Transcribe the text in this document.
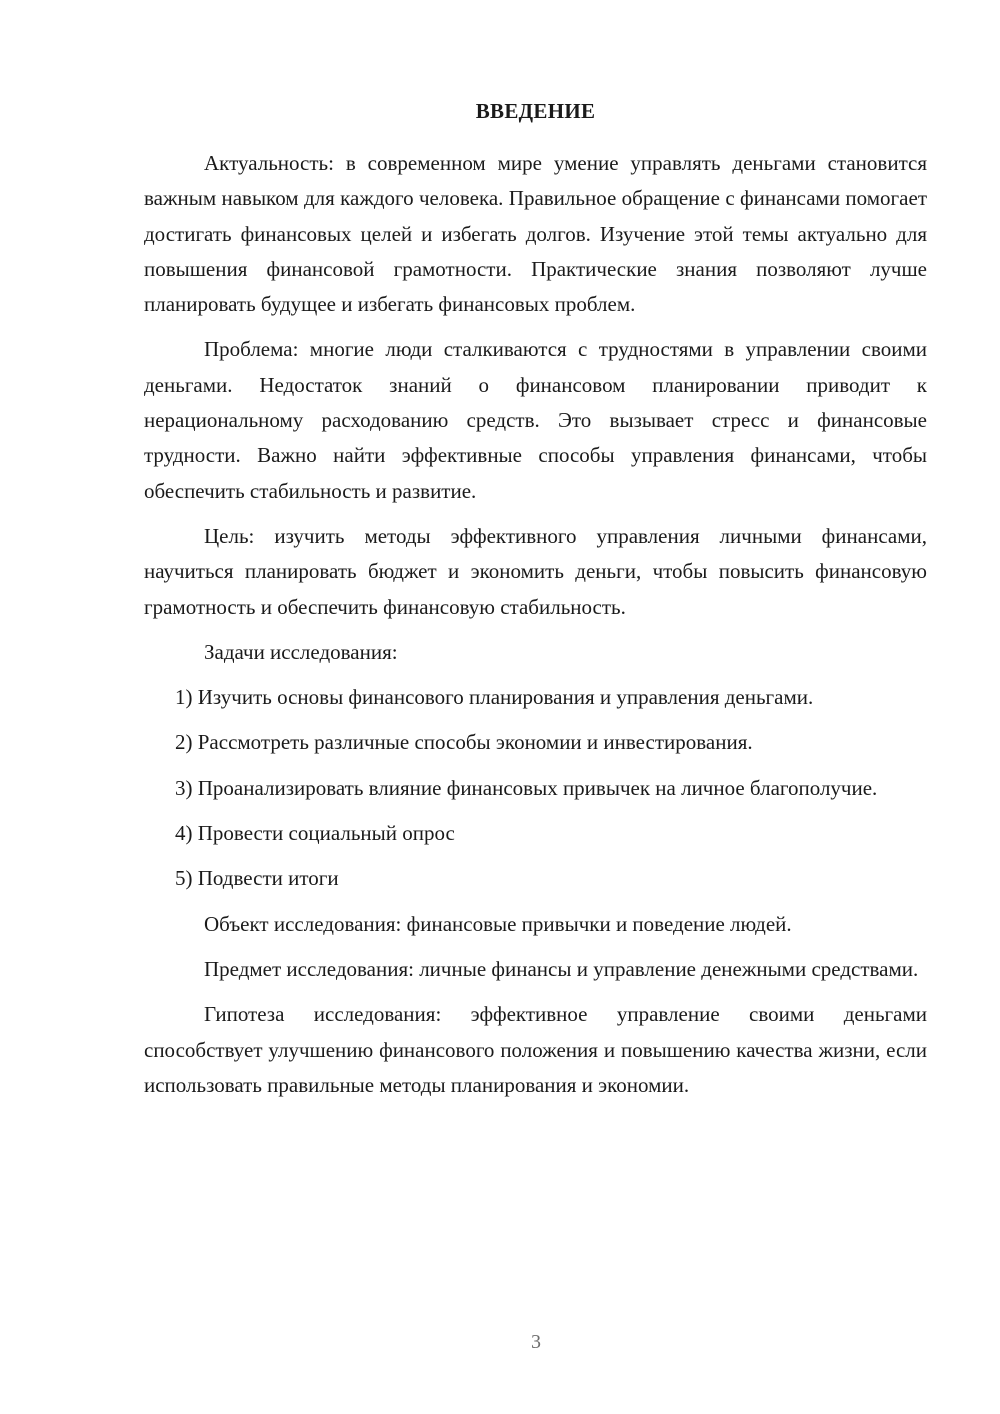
ВВЕДЕНИЕ

Актуальность: в современном мире умение управлять деньгами становится важным навыком для каждого человека. Правильное обращение с финансами помогает достигать финансовых целей и избегать долгов. Изучение этой темы актуально для повышения финансовой грамотности. Практические знания позволяют лучше планировать будущее и избегать финансовых проблем.

Проблема: многие люди сталкиваются с трудностями в управлении своими деньгами. Недостаток знаний о финансовом планировании приводит к нерациональному расходованию средств. Это вызывает стресс и финансовые трудности. Важно найти эффективные способы управления финансами, чтобы обеспечить стабильность и развитие.

Цель: изучить методы эффективного управления личными финансами, научиться планировать бюджет и экономить деньги, чтобы повысить финансовую грамотность и обеспечить финансовую стабильность.

Задачи исследования:

1) Изучить основы финансового планирования и управления деньгами.

2) Рассмотреть различные способы экономии и инвестирования.

3) Проанализировать влияние финансовых привычек на личное благополучие.

4) Провести социальный опрос

5) Подвести итоги

Объект исследования: финансовые привычки и поведение людей.

Предмет исследования: личные финансы и управление денежными средствами.

Гипотеза исследования: эффективное управление своими деньгами способствует улучшению финансового положения и повышению качества жизни, если использовать правильные методы планирования и экономии.

3
